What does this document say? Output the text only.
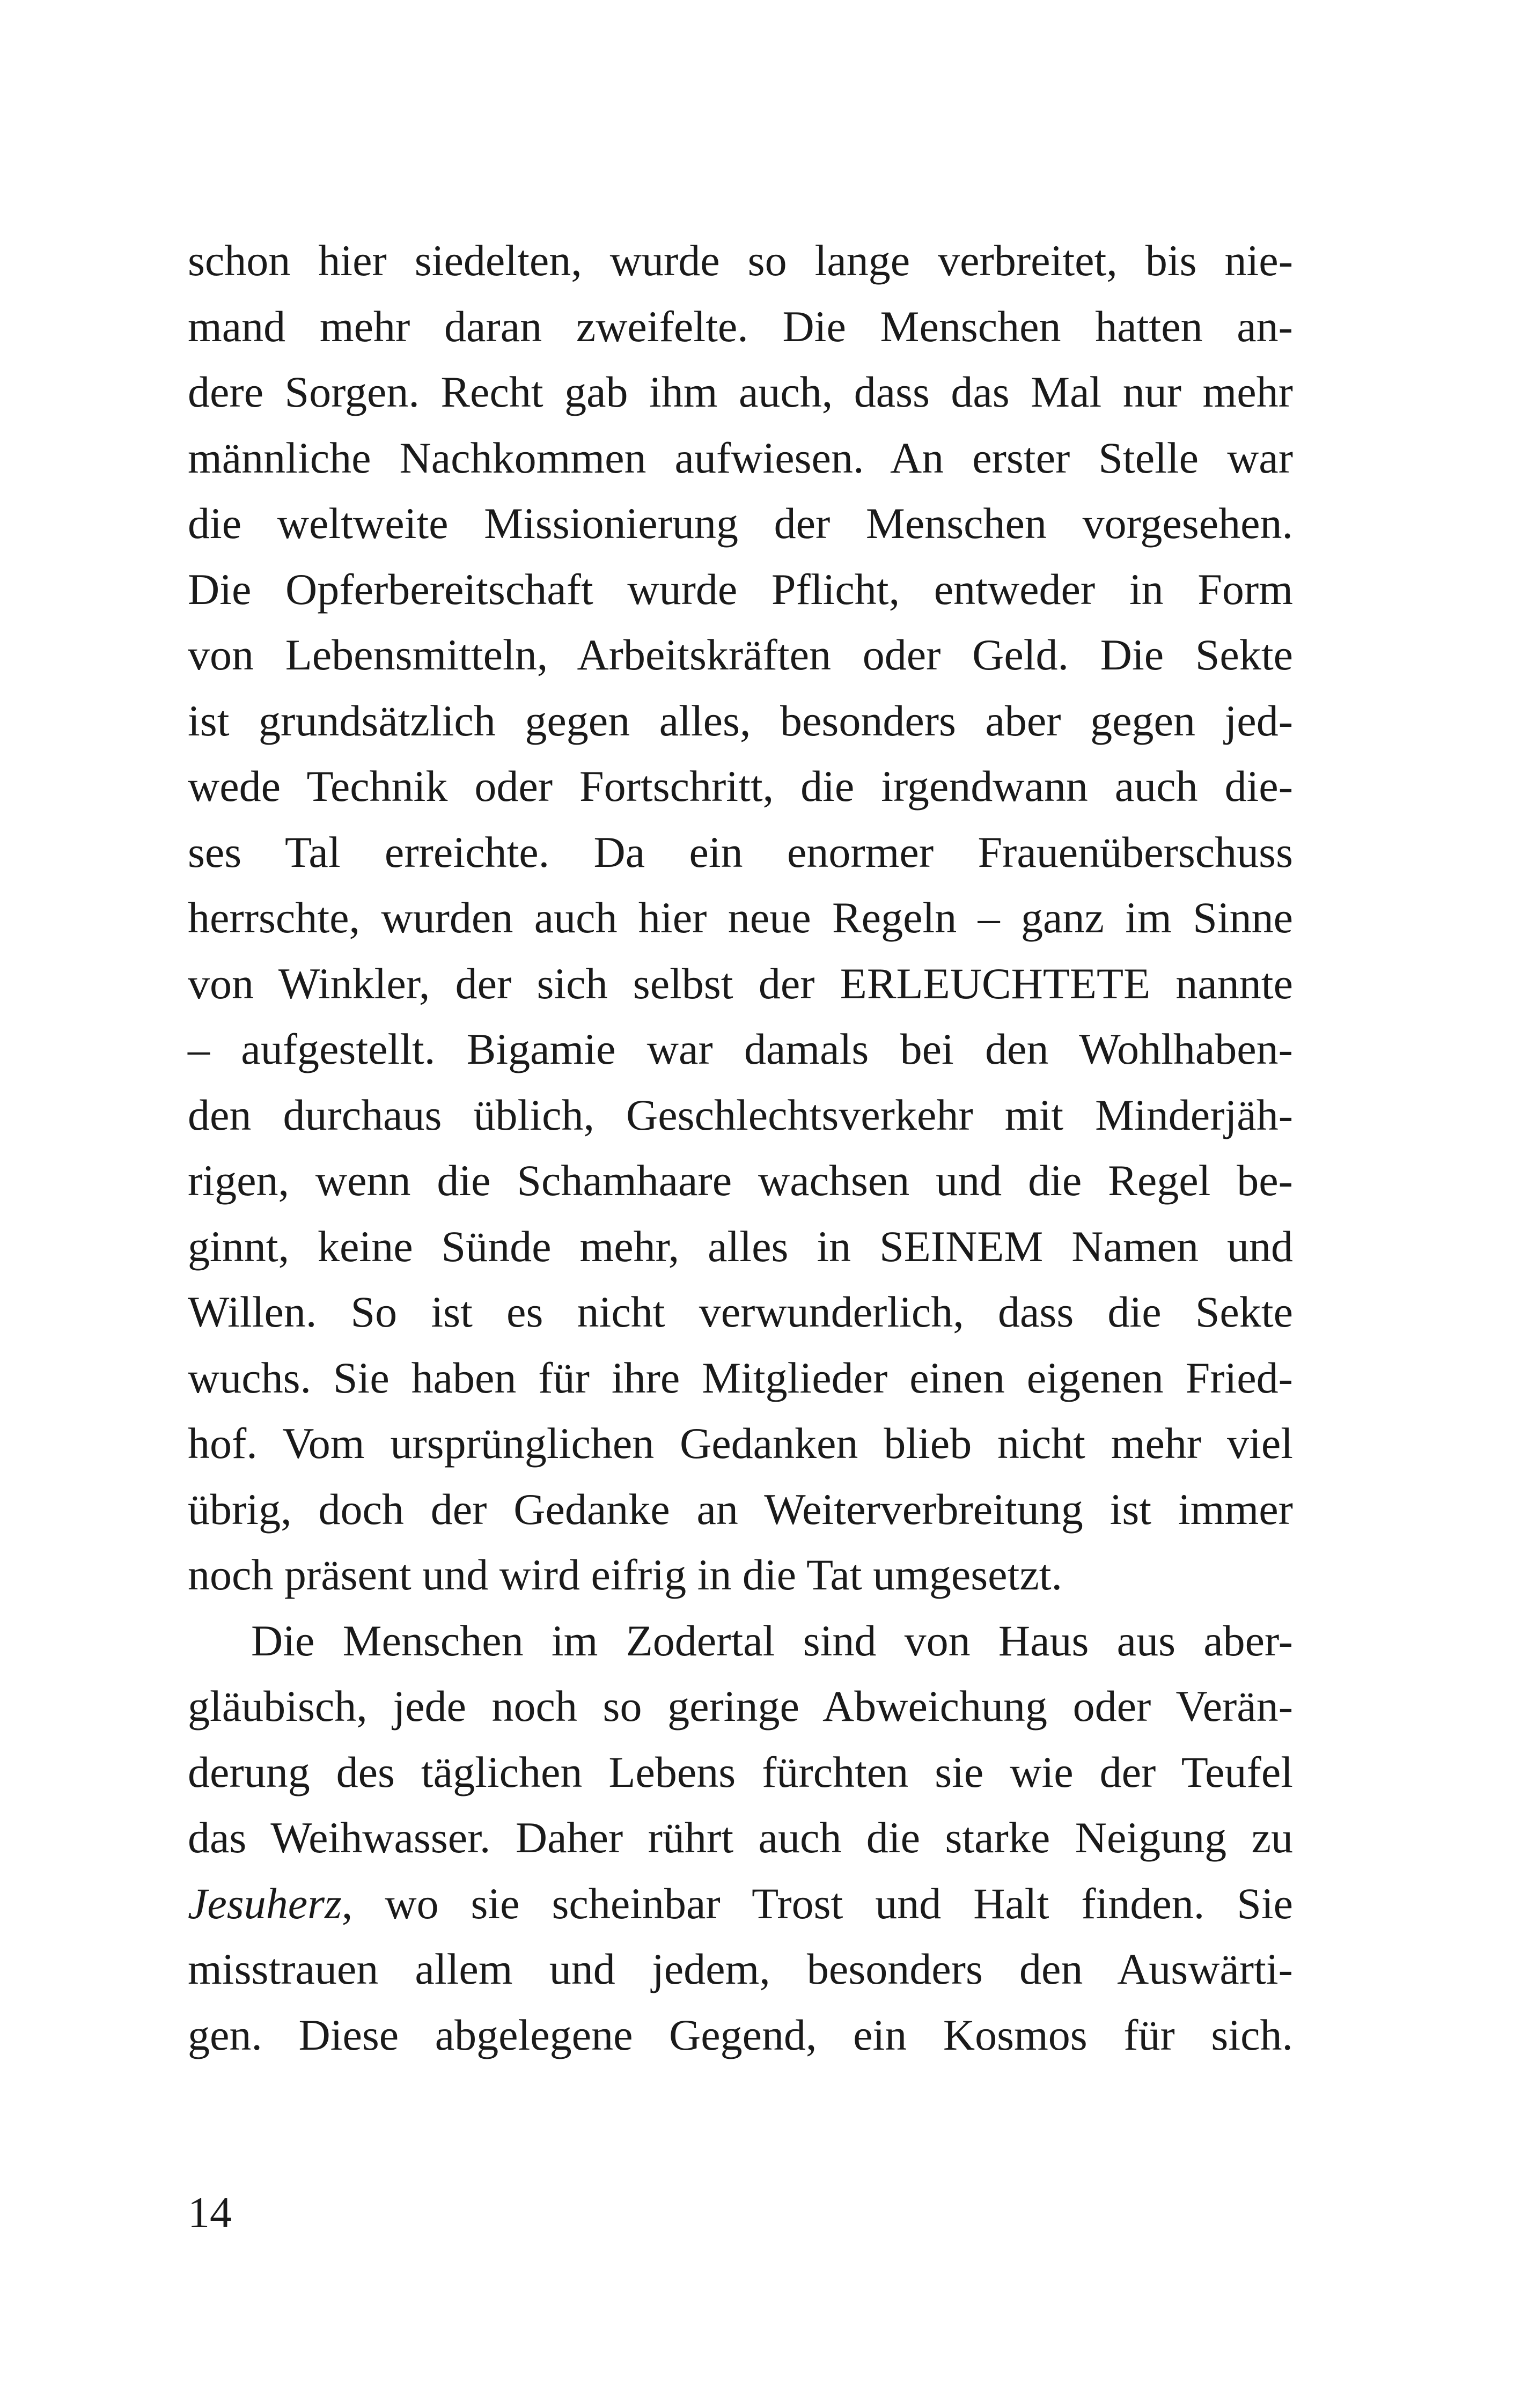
schon hier siedelten, wurde so lange verbreitet, bis nie-
mand mehr daran zweifelte. Die Menschen hatten an-
dere Sorgen. Recht gab ihm auch, dass das Mal nur mehr
männliche Nachkommen aufwiesen. An erster Stelle war
die weltweite Missionierung der Menschen vorgesehen.
Die Opferbereitschaft wurde Pflicht, entweder in Form
von Lebensmitteln, Arbeitskräften oder Geld. Die Sekte
ist grundsätzlich gegen alles, besonders aber gegen jed-
wede Technik oder Fortschritt, die irgendwann auch die-
ses Tal erreichte. Da ein enormer Frauenüberschuss
herrschte, wurden auch hier neue Regeln – ganz im Sinne
von Winkler, der sich selbst der ERLEUCHTETE nannte
– aufgestellt. Bigamie war damals bei den Wohlhaben-
den durchaus üblich, Geschlechtsverkehr mit Minderjäh-
rigen, wenn die Schamhaare wachsen und die Regel be-
ginnt, keine Sünde mehr, alles in SEINEM Namen und
Willen. So ist es nicht verwunderlich, dass die Sekte
wuchs. Sie haben für ihre Mitglieder einen eigenen Fried-
hof. Vom ursprünglichen Gedanken blieb nicht mehr viel
übrig, doch der Gedanke an Weiterverbreitung ist immer
noch präsent und wird eifrig in die Tat umgesetzt.
Die Menschen im Zodertal sind von Haus aus aber-
gläubisch, jede noch so geringe Abweichung oder Verän-
derung des täglichen Lebens fürchten sie wie der Teufel
das Weihwasser. Daher rührt auch die starke Neigung zu
Jesuherz, wo sie scheinbar Trost und Halt finden. Sie
misstrauen allem und jedem, besonders den Auswärti-
gen. Diese abgelegene Gegend, ein Kosmos für sich.
14
